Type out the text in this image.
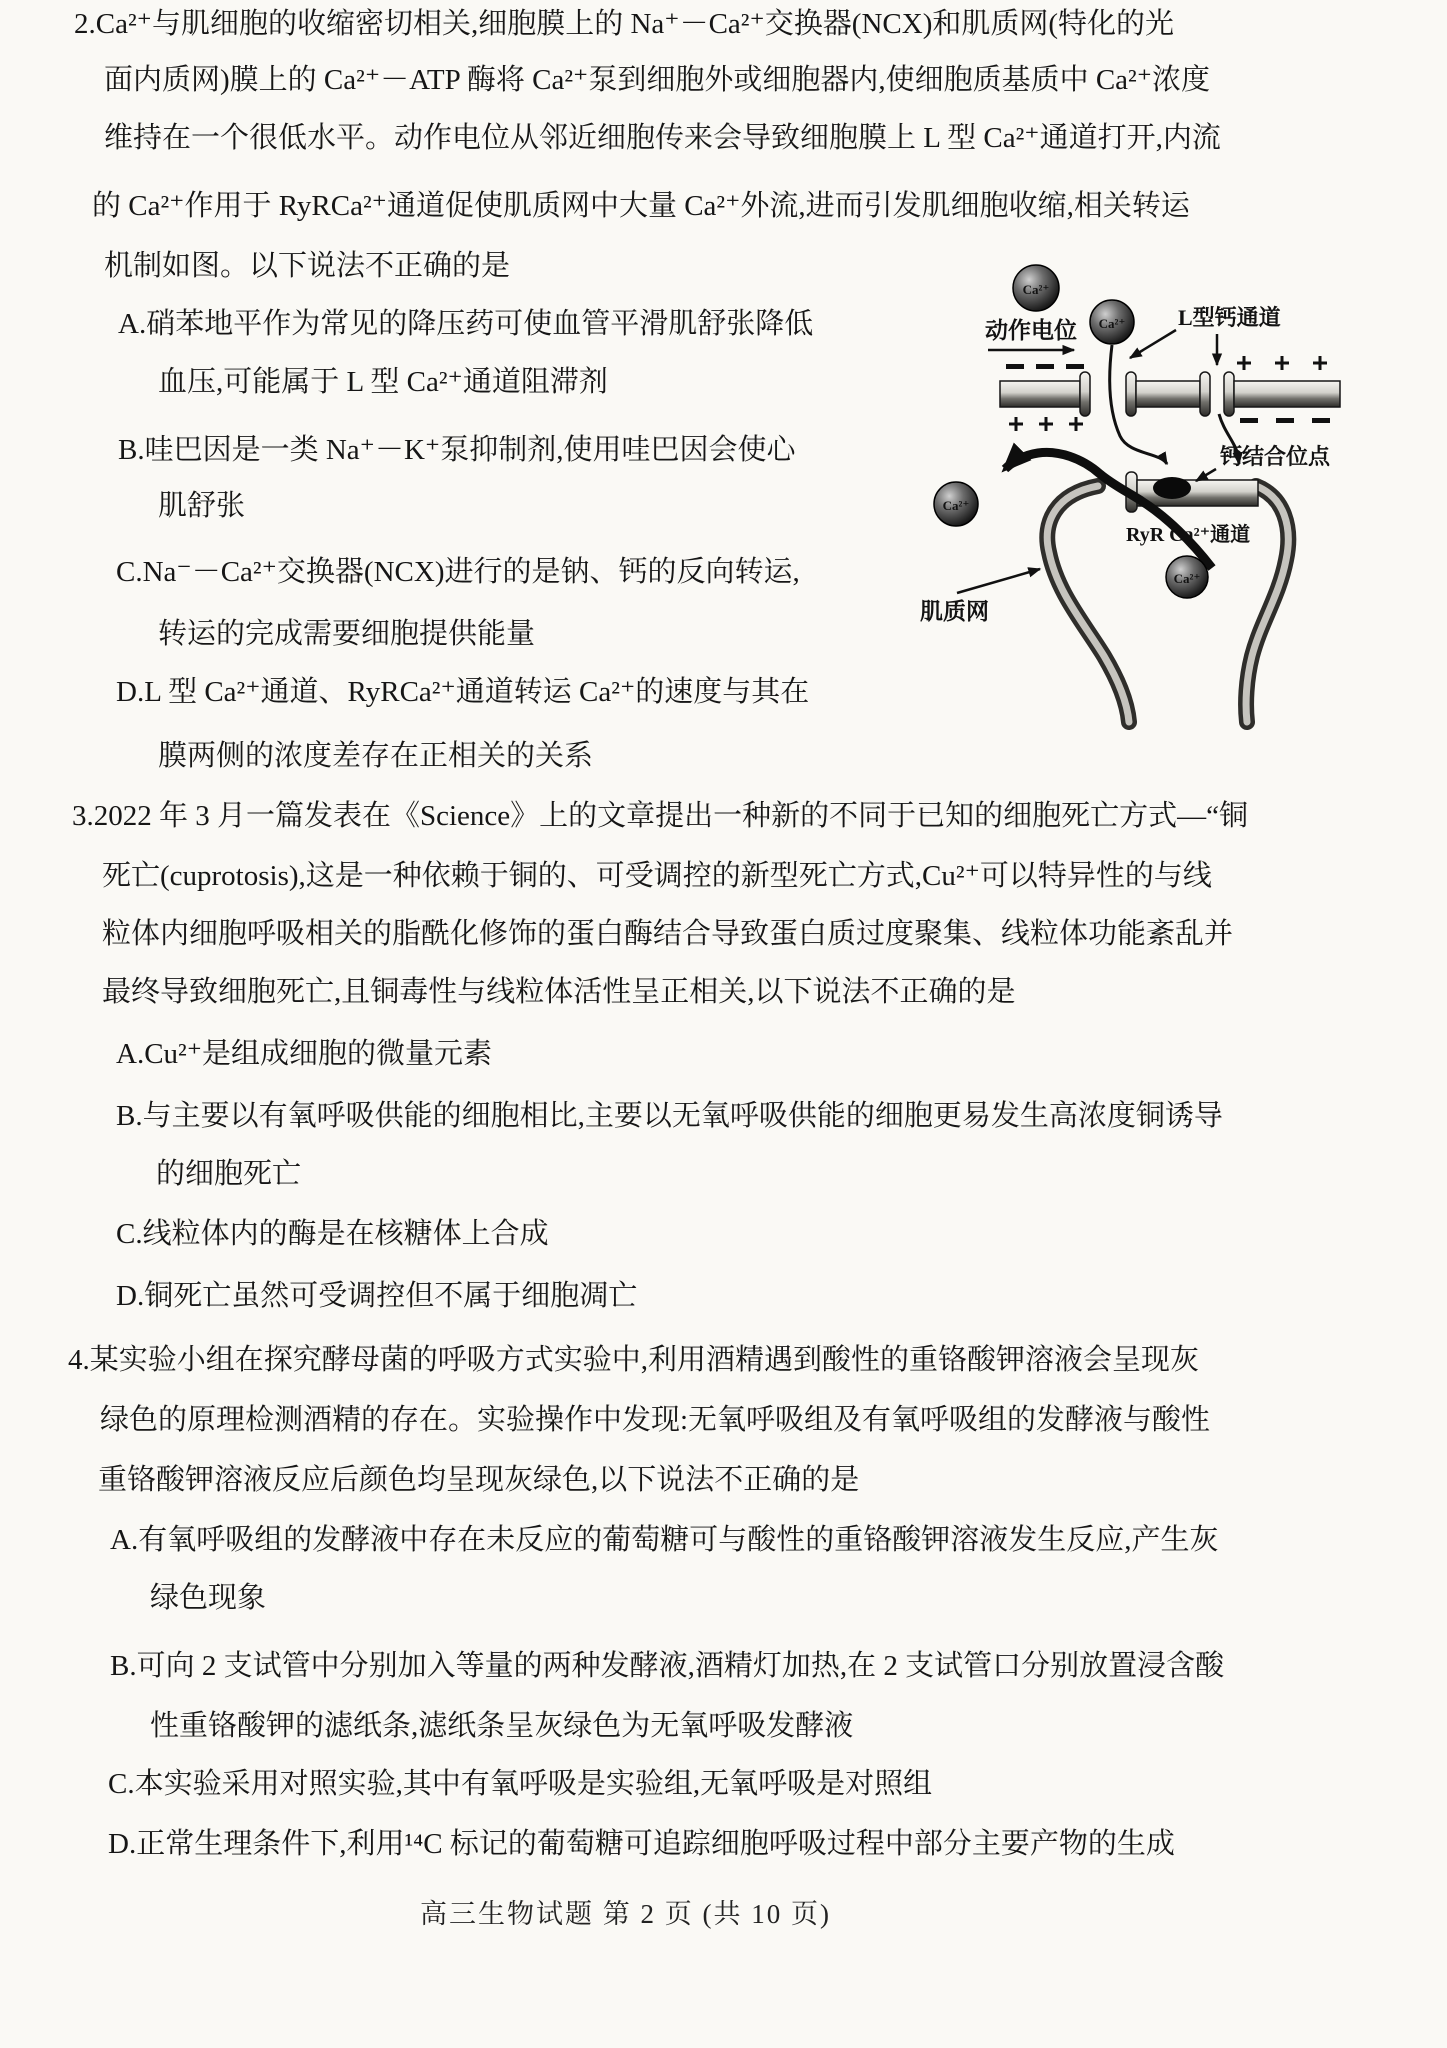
2.Ca²⁺与肌细胞的收缩密切相关,细胞膜上的 Na⁺－Ca²⁺交换器(NCX)和肌质网(特化的光
面内质网)膜上的 Ca²⁺－ATP 酶将 Ca²⁺泵到细胞外或细胞器内,使细胞质基质中 Ca²⁺浓度
维持在一个很低水平。动作电位从邻近细胞传来会导致细胞膜上 L 型 Ca²⁺通道打开,内流
的 Ca²⁺作用于 RyRCa²⁺通道促使肌质网中大量 Ca²⁺外流,进而引发肌细胞收缩,相关转运
机制如图。以下说法不正确的是
A.硝苯地平作为常见的降压药可使血管平滑肌舒张降低
血压,可能属于 L 型 Ca²⁺通道阻滞剂
B.哇巴因是一类 Na⁺－K⁺泵抑制剂,使用哇巴因会使心
肌舒张
C.Na⁻－Ca²⁺交换器(NCX)进行的是钠、钙的反向转运,
转运的完成需要细胞提供能量
D.L 型 Ca²⁺通道、RyRCa²⁺通道转运 Ca²⁺的速度与其在
膜两侧的浓度差存在正相关的关系
3.2022 年 3 月一篇发表在《Science》上的文章提出一种新的不同于已知的细胞死亡方式—“铜
死亡(cuprotosis),这是一种依赖于铜的、可受调控的新型死亡方式,Cu²⁺可以特异性的与线
粒体内细胞呼吸相关的脂酰化修饰的蛋白酶结合导致蛋白质过度聚集、线粒体功能紊乱并
最终导致细胞死亡,且铜毒性与线粒体活性呈正相关,以下说法不正确的是
A.Cu²⁺是组成细胞的微量元素
B.与主要以有氧呼吸供能的细胞相比,主要以无氧呼吸供能的细胞更易发生高浓度铜诱导
的细胞死亡
C.线粒体内的酶是在核糖体上合成
D.铜死亡虽然可受调控但不属于细胞凋亡
4.某实验小组在探究酵母菌的呼吸方式实验中,利用酒精遇到酸性的重铬酸钾溶液会呈现灰
绿色的原理检测酒精的存在。实验操作中发现:无氧呼吸组及有氧呼吸组的发酵液与酸性
重铬酸钾溶液反应后颜色均呈现灰绿色,以下说法不正确的是
A.有氧呼吸组的发酵液中存在未反应的葡萄糖可与酸性的重铬酸钾溶液发生反应,产生灰
绿色现象
B.可向 2 支试管中分别加入等量的两种发酵液,酒精灯加热,在 2 支试管口分别放置浸含酸
性重铬酸钾的滤纸条,滤纸条呈灰绿色为无氧呼吸发酵液
C.本实验采用对照实验,其中有氧呼吸是实验组,无氧呼吸是对照组
D.正常生理条件下,利用¹⁴C 标记的葡萄糖可追踪细胞呼吸过程中部分主要产物的生成
高三生物试题 第 2 页 (共 10 页)
动作电位
L型钙通道
钙结合位点
RyR Ca²⁺通道
肌质网
Ca²⁺
Ca²⁺
Ca²⁺
Ca²⁺
